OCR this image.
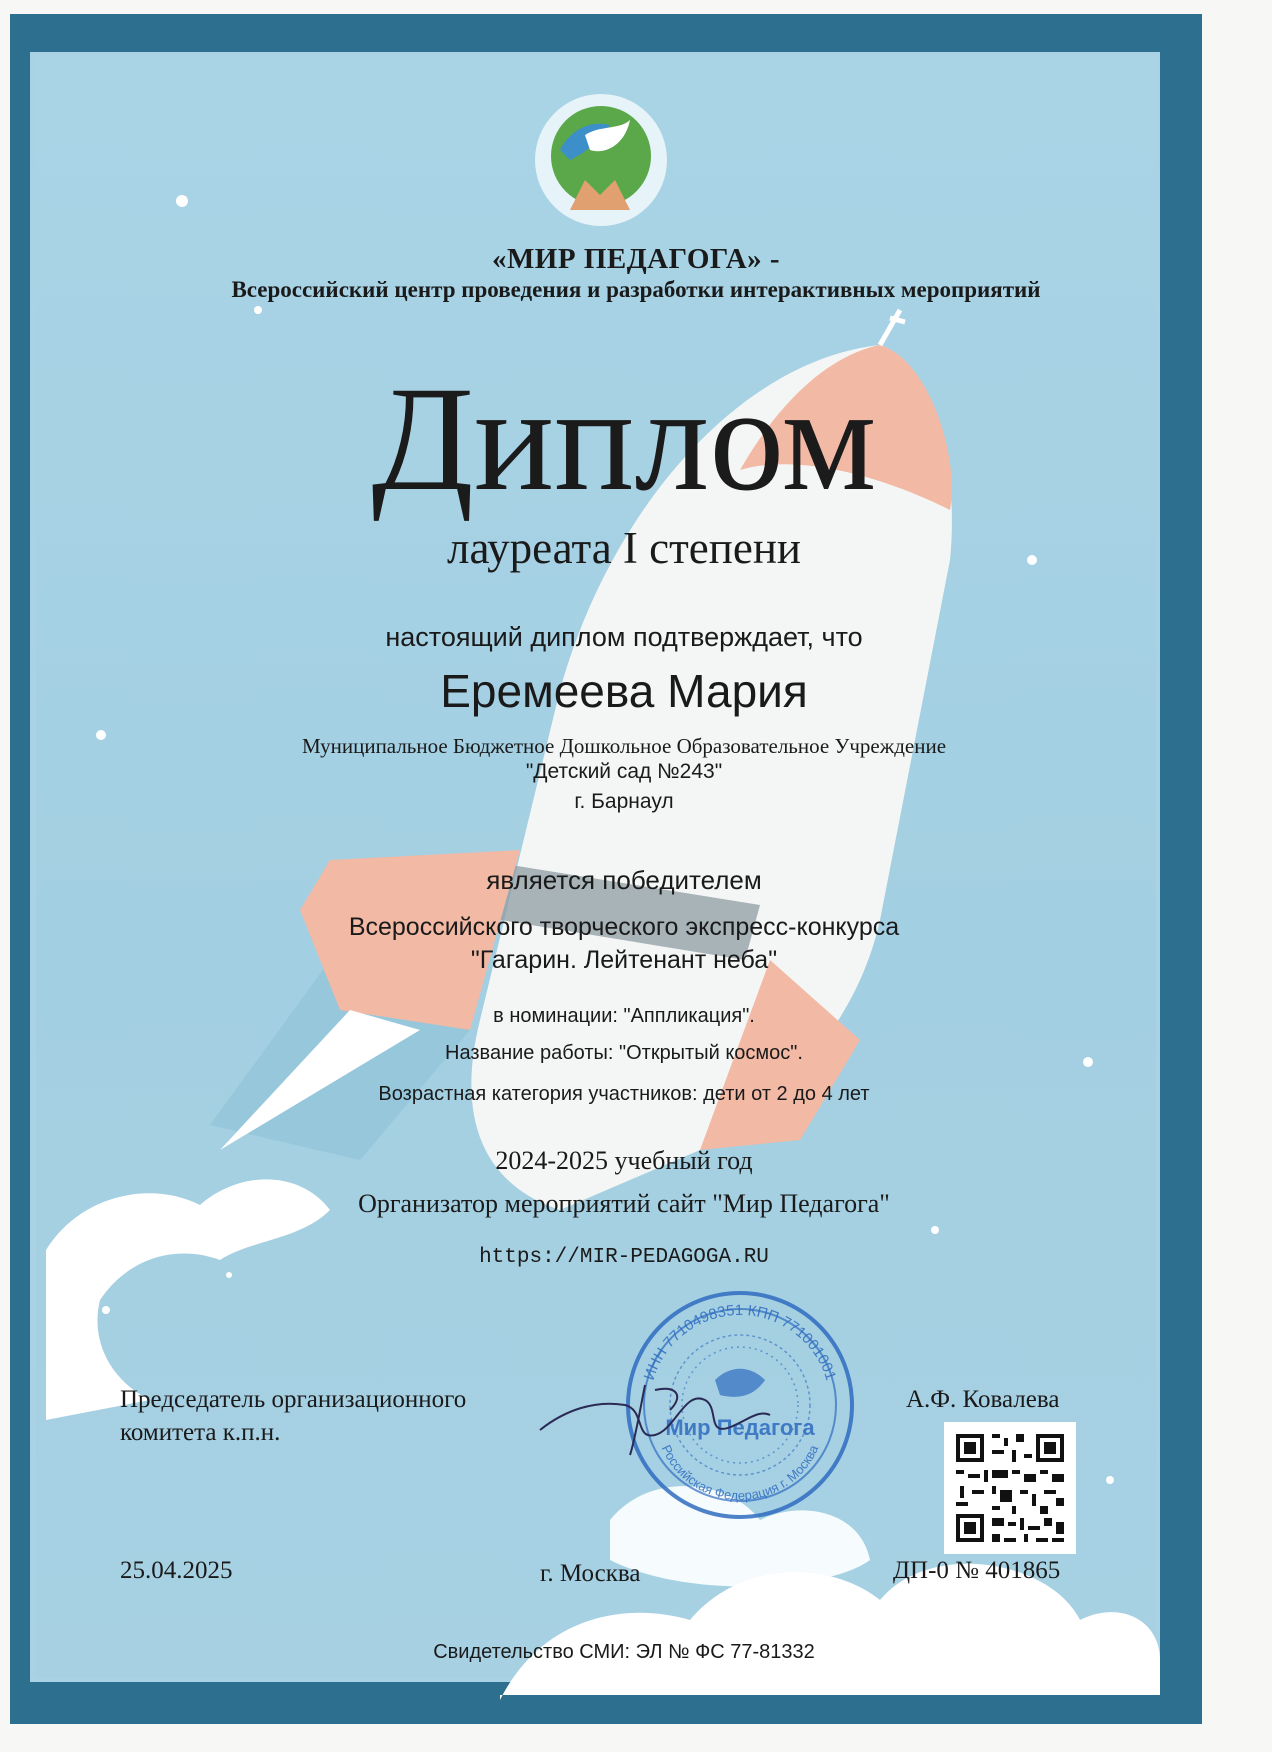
«МИР ПЕДАГОГА» -

Всероссийский центр проведения и разработки интерактивных мероприятий

Диплом

лауреата I степени

настоящий диплом подтверждает, что

Еремеева Мария

Муниципальное Бюджетное Дошкольное Образовательное Учреждение

"Детский сад №243"

г. Барнаул

является победителем

Всероссийского творческого экспресс-конкурса

"Гагарин. Лейтенант неба"

в номинации: "Аппликация".

Название работы: "Открытый космос".

Возрастная категория участников: дети от 2 до 4 лет

2024-2025 учебный год

Организатор мероприятий сайт "Мир Педагога"

https://MIR-PEDAGOGA.RU

ИНН 7710498351 КПП 771001001
Российская Федерация г. Москва
Мир Педагога

Председатель организационного

комитета к.п.н.

А.Ф. Ковалева

25.04.2025	г. Москва	ДП-0 № 401865

Свидетельство СМИ: ЭЛ № ФС 77-81332
